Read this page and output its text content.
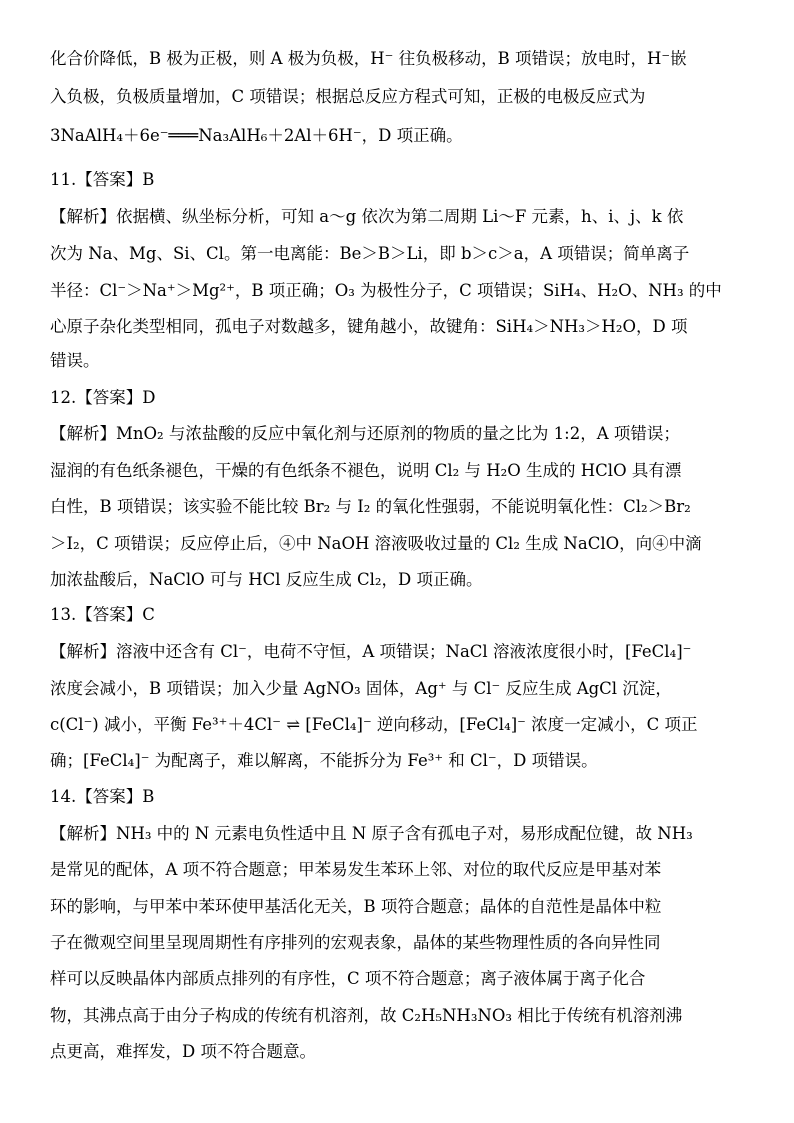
化合价降低，B 极为正极，则 A 极为负极，H⁻ 往负极移动，B 项错误；放电时，H⁻嵌
入负极，负极质量增加，C 项错误；根据总反应方程式可知，正极的电极反应式为
3NaAlH₄＋6e⁻═══Na₃AlH₆＋2Al＋6H⁻，D 项正确。
11.【答案】B
【解析】依据横、纵坐标分析，可知 a～g 依次为第二周期 Li～F 元素，h、i、j、k 依
次为 Na、Mg、Si、Cl。第一电离能：Be＞B＞Li，即 b＞c＞a，A 项错误；简单离子
半径：Cl⁻＞Na⁺＞Mg²⁺，B 项正确；O₃ 为极性分子，C 项错误；SiH₄、H₂O、NH₃ 的中
心原子杂化类型相同，孤电子对数越多，键角越小，故键角：SiH₄＞NH₃＞H₂O，D 项
错误。
12.【答案】D
【解析】MnO₂ 与浓盐酸的反应中氧化剂与还原剂的物质的量之比为 1:2，A 项错误；
湿润的有色纸条褪色，干燥的有色纸条不褪色，说明 Cl₂ 与 H₂O 生成的 HClO 具有漂
白性，B 项错误；该实验不能比较 Br₂ 与 I₂ 的氧化性强弱，不能说明氧化性：Cl₂＞Br₂
＞I₂，C 项错误；反应停止后，④中 NaOH 溶液吸收过量的 Cl₂ 生成 NaClO，向④中滴
加浓盐酸后，NaClO 可与 HCl 反应生成 Cl₂，D 项正确。
13.【答案】C
【解析】溶液中还含有 Cl⁻，电荷不守恒，A 项错误；NaCl 溶液浓度很小时，[FeCl₄]⁻
浓度会减小，B 项错误；加入少量 AgNO₃ 固体，Ag⁺ 与 Cl⁻ 反应生成 AgCl 沉淀，
c(Cl⁻) 减小，平衡 Fe³⁺＋4Cl⁻ ⇌ [FeCl₄]⁻ 逆向移动，[FeCl₄]⁻ 浓度一定减小，C 项正
确；[FeCl₄]⁻ 为配离子，难以解离，不能拆分为 Fe³⁺ 和 Cl⁻，D 项错误。
14.【答案】B
【解析】NH₃ 中的 N 元素电负性适中且 N 原子含有孤电子对，易形成配位键，故 NH₃
是常见的配体，A 项不符合题意；甲苯易发生苯环上邻、对位的取代反应是甲基对苯
环的影响，与甲苯中苯环使甲基活化无关，B 项符合题意；晶体的自范性是晶体中粒
子在微观空间里呈现周期性有序排列的宏观表象，晶体的某些物理性质的各向异性同
样可以反映晶体内部质点排列的有序性，C 项不符合题意；离子液体属于离子化合
物，其沸点高于由分子构成的传统有机溶剂，故 C₂H₅NH₃NO₃ 相比于传统有机溶剂沸
点更高，难挥发，D 项不符合题意。
